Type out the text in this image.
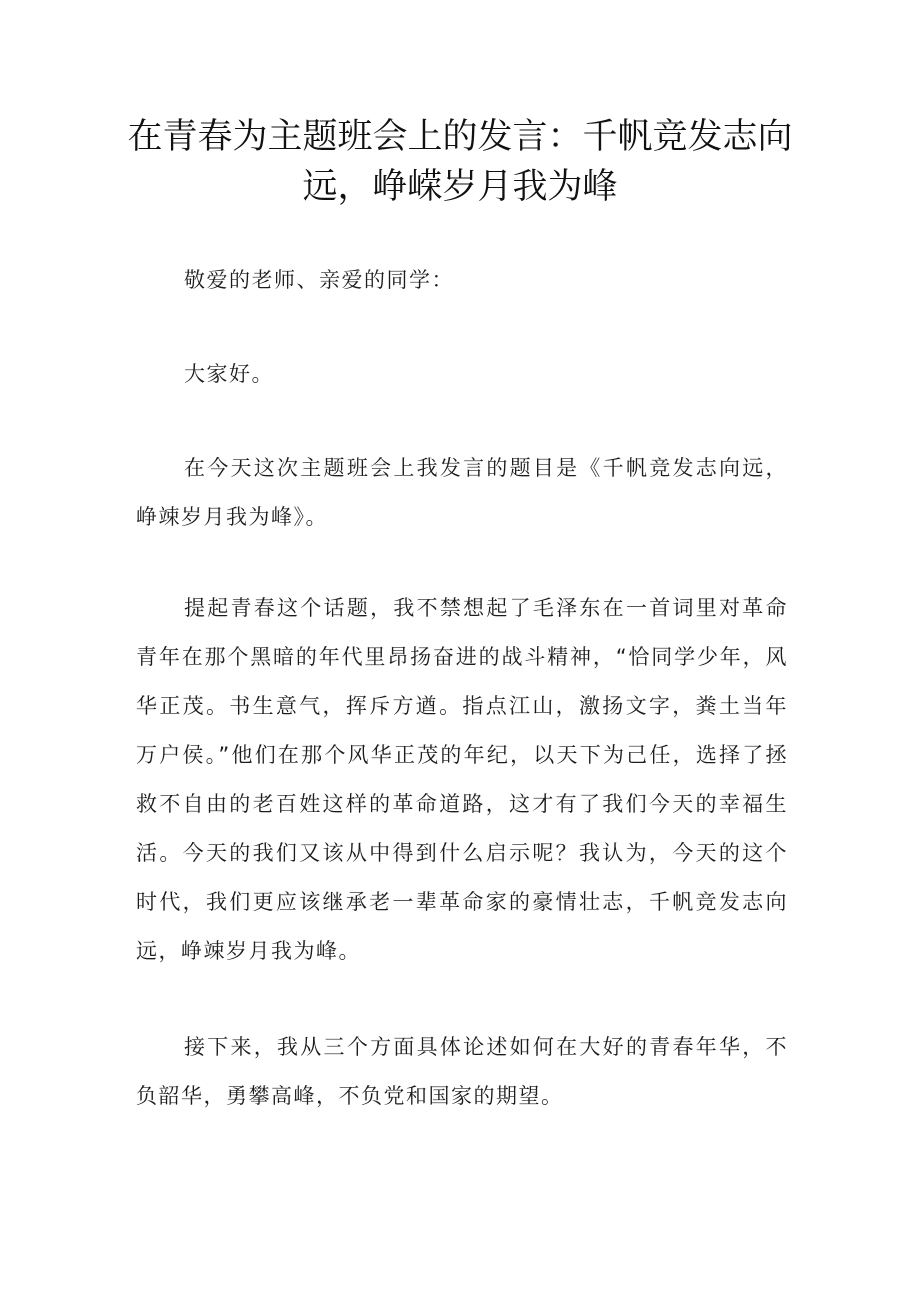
在青春为主题班会上的发言：千帆竞发志向远，峥嵘岁月我为峰

敬爱的老师、亲爱的同学：

大家好。

在今天这次主题班会上我发言的题目是《千帆竞发志向远，峥竦岁月我为峰》。

提起青春这个话题，我不禁想起了毛泽东在一首词里对革命青年在那个黑暗的年代里昂扬奋进的战斗精神，“恰同学少年，风华正茂。书生意气，挥斥方遒。指点江山，激扬文字，粪土当年万户侯。”他们在那个风华正茂的年纪，以天下为己任，选择了拯救不自由的老百姓这样的革命道路，这才有了我们今天的幸福生活。今天的我们又该从中得到什么启示呢？我认为，今天的这个时代，我们更应该继承老一辈革命家的豪情壮志，千帆竞发志向远，峥竦岁月我为峰。

接下来，我从三个方面具体论述如何在大好的青春年华，不负韶华，勇攀高峰，不负党和国家的期望。
